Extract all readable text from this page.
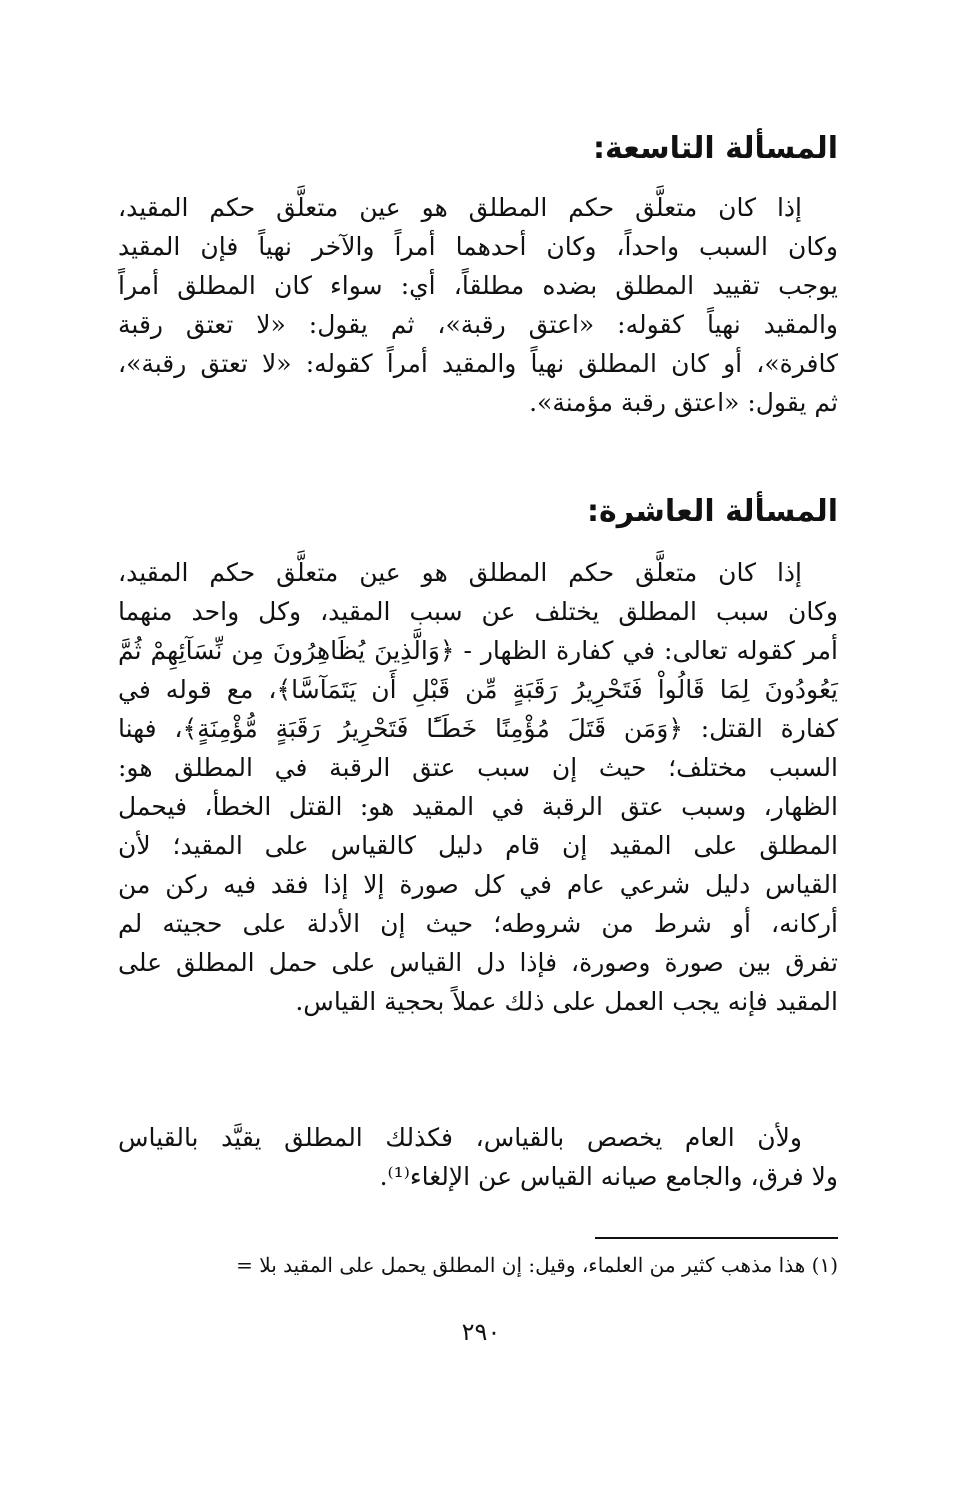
المسألة التاسعة:

إذا كان متعلَّق حكم المطلق هو عين متعلَّق حكم المقيد،
وكان السبب واحداً، وكان أحدهما أمراً والآخر نهياً فإن المقيد
يوجب تقييد المطلق بضده مطلقاً، أي: سواء كان المطلق أمراً
والمقيد نهياً كقوله: «اعتق رقبة»، ثم يقول: «لا تعتق رقبة
كافرة»، أو كان المطلق نهياً والمقيد أمراً كقوله: «لا تعتق رقبة»،
ثم يقول: «اعتق رقبة مؤمنة».

المسألة العاشرة:

إذا كان متعلَّق حكم المطلق هو عين متعلَّق حكم المقيد،
وكان سبب المطلق يختلف عن سبب المقيد، وكل واحد منهما
أمر كقوله تعالى: في كفارة الظهار - ﴿وَالَّذِينَ يُظَاهِرُونَ مِن نِّسَآئِهِمْ ثُمَّ
يَعُودُونَ لِمَا قَالُواْ فَتَحْرِيرُ رَقَبَةٍ مِّن قَبْلِ أَن يَتَمَآسَّا﴾، مع قوله في
كفارة القتل: ﴿وَمَن قَتَلَ مُؤْمِنًا خَطَـًٔا فَتَحْرِيرُ رَقَبَةٍ مُّؤْمِنَةٍ﴾، فهنا
السبب مختلف؛ حيث إن سبب عتق الرقبة في المطلق هو:
الظهار، وسبب عتق الرقبة في المقيد هو: القتل الخطأ، فيحمل
المطلق على المقيد إن قام دليل كالقياس على المقيد؛ لأن
القياس دليل شرعي عام في كل صورة إلا إذا فقد فيه ركن من
أركانه، أو شرط من شروطه؛ حيث إن الأدلة على حجيته لم
تفرق بين صورة وصورة، فإذا دل القياس على حمل المطلق على
المقيد فإنه يجب العمل على ذلك عملاً بحجية القياس.

ولأن العام يخصص بالقياس، فكذلك المطلق يقيَّد بالقياس
ولا فرق، والجامع صيانه القياس عن الإلغاء⁽¹⁾.

(١) هذا مذهب كثير من العلماء، وقيل: إن المطلق يحمل على المقيد بلا =
٢٩٠
